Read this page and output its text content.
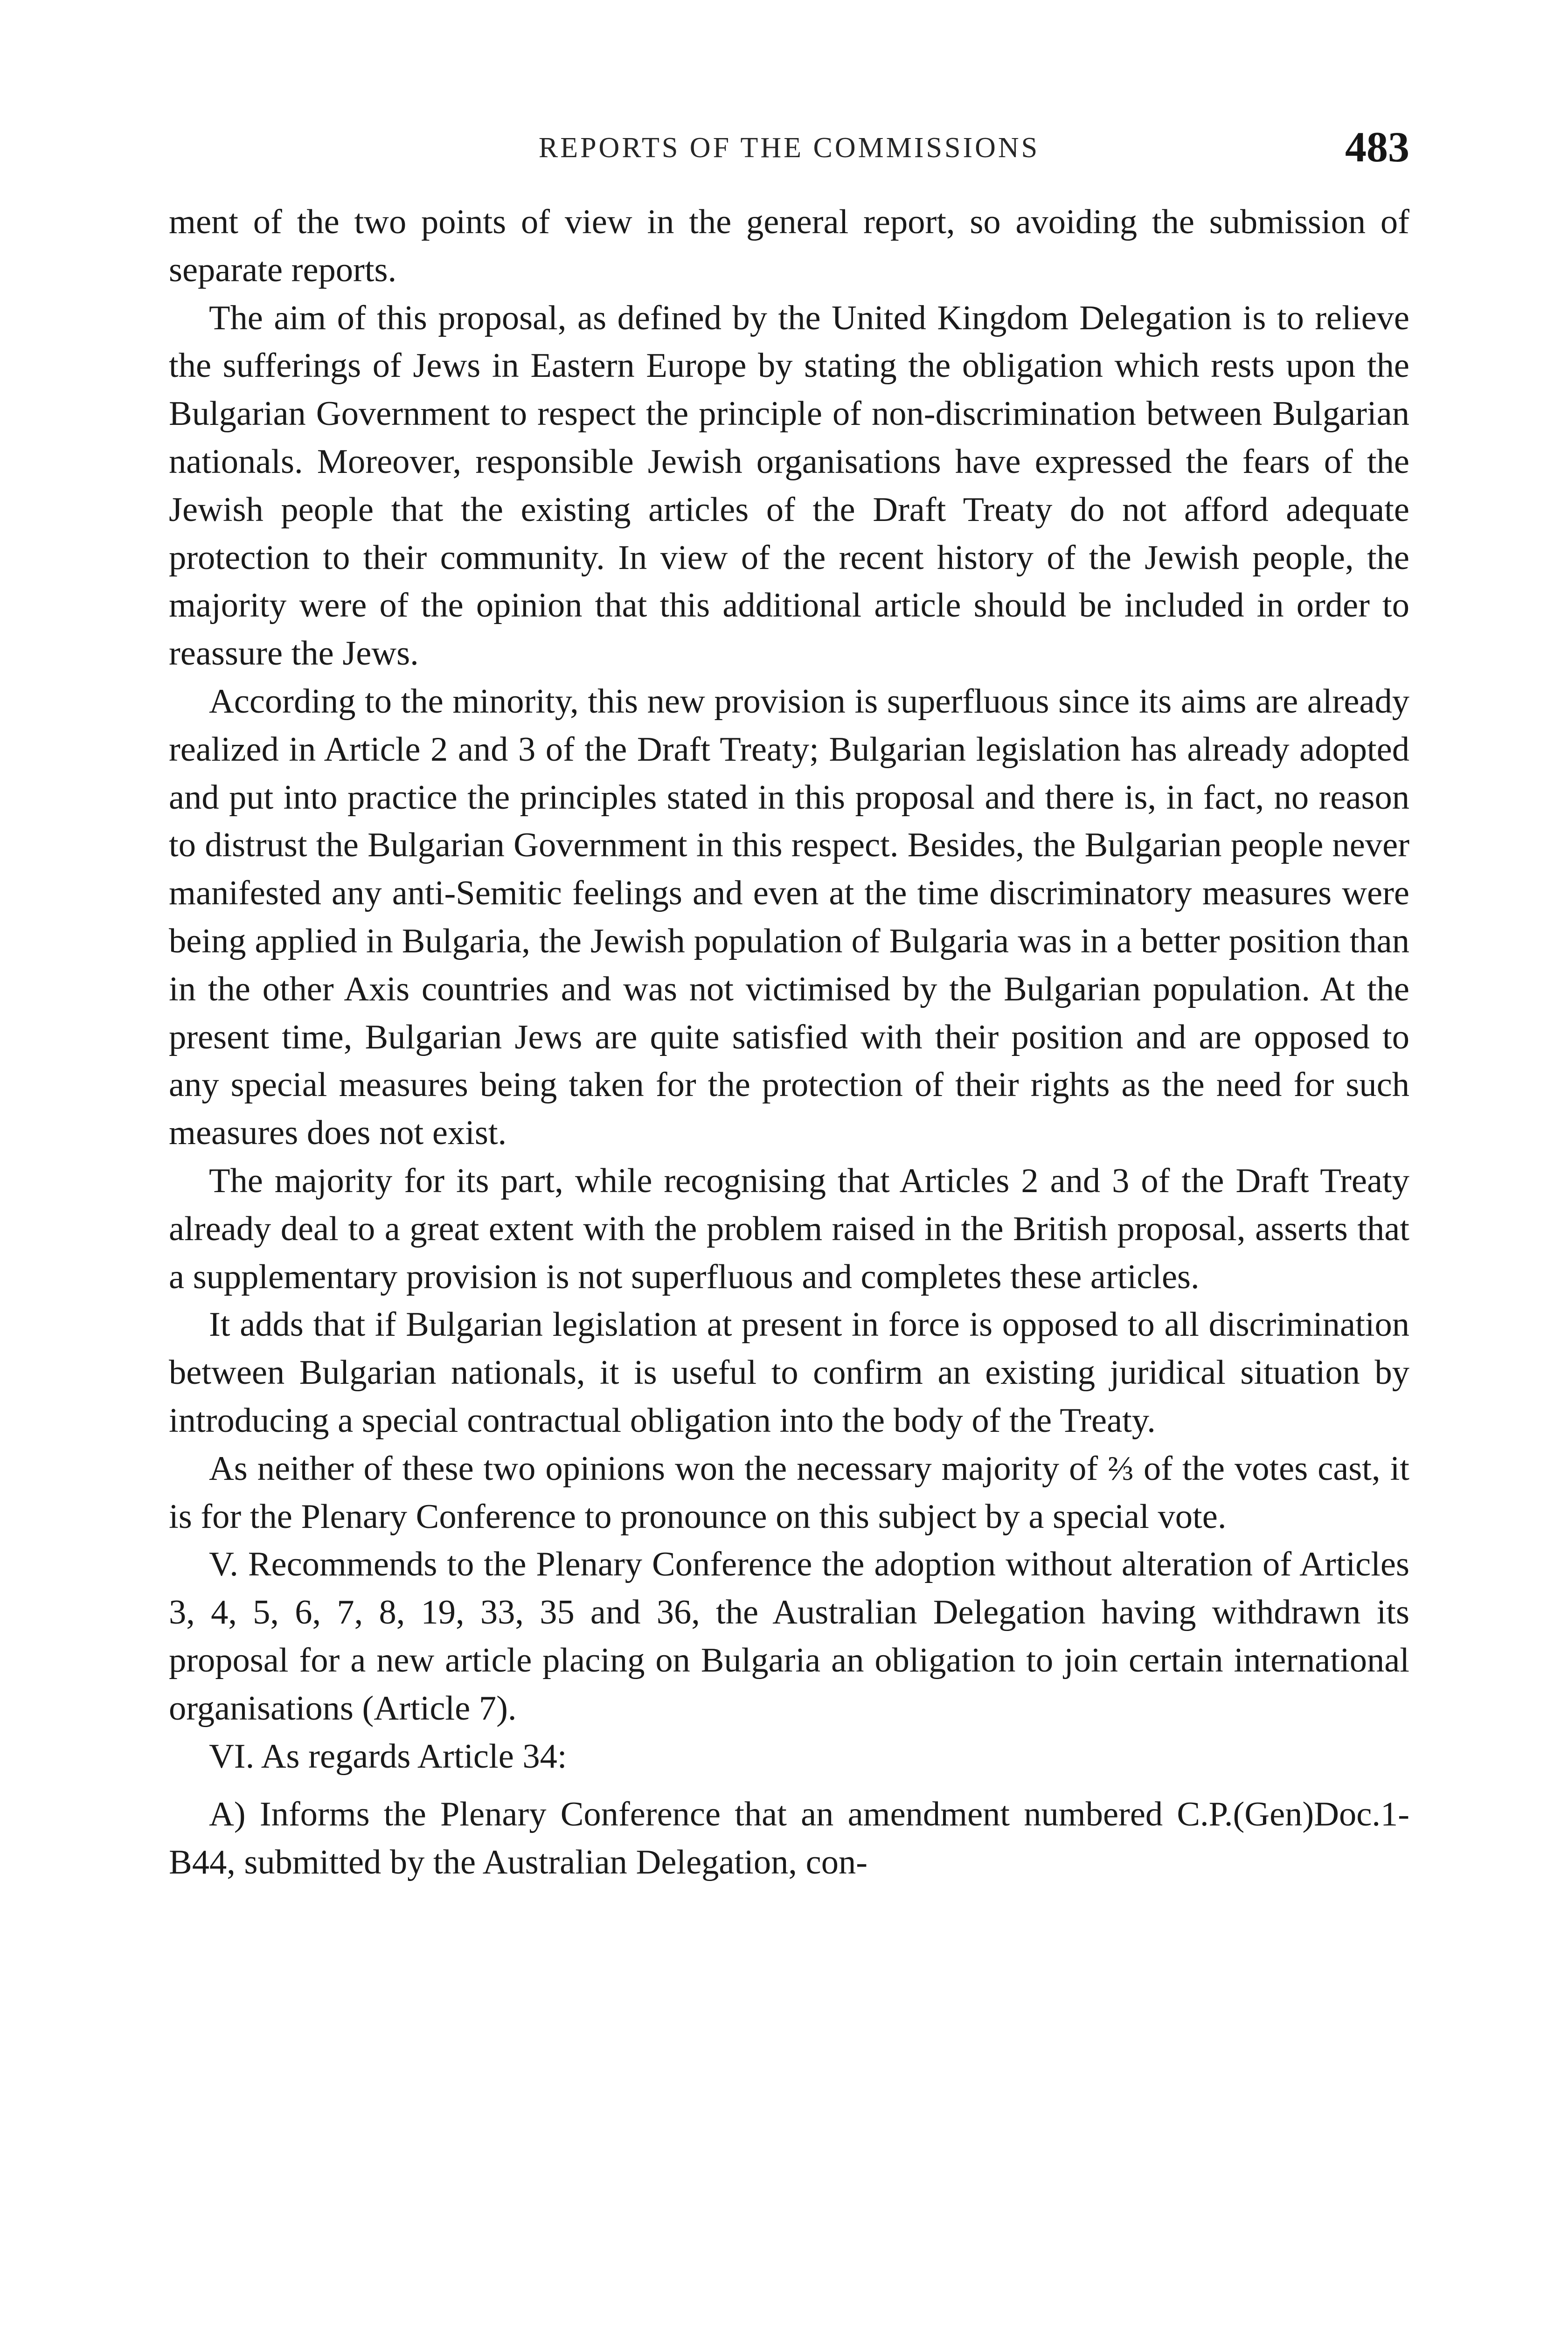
REPORTS OF THE COMMISSIONS	483

ment of the two points of view in the general report, so avoiding the submission of separate reports.

The aim of this proposal, as defined by the United Kingdom Delegation is to relieve the sufferings of Jews in Eastern Europe by stating the obligation which rests upon the Bulgarian Government to respect the principle of non-discrimination between Bulgarian nationals. Moreover, responsible Jewish organisations have expressed the fears of the Jewish people that the existing articles of the Draft Treaty do not afford adequate protection to their community. In view of the recent history of the Jewish people, the majority were of the opinion that this additional article should be included in order to reassure the Jews.

According to the minority, this new provision is superfluous since its aims are already realized in Article 2 and 3 of the Draft Treaty; Bulgarian legislation has already adopted and put into practice the principles stated in this proposal and there is, in fact, no reason to distrust the Bulgarian Government in this respect. Besides, the Bulgarian people never manifested any anti-Semitic feelings and even at the time discriminatory measures were being applied in Bulgaria, the Jewish population of Bulgaria was in a better position than in the other Axis countries and was not victimised by the Bulgarian population. At the present time, Bulgarian Jews are quite satisfied with their position and are opposed to any special measures being taken for the protection of their rights as the need for such measures does not exist.

The majority for its part, while recognising that Articles 2 and 3 of the Draft Treaty already deal to a great extent with the problem raised in the British proposal, asserts that a supplementary provision is not superfluous and completes these articles.

It adds that if Bulgarian legislation at present in force is opposed to all discrimination between Bulgarian nationals, it is useful to confirm an existing juridical situation by introducing a special contractual obligation into the body of the Treaty.

As neither of these two opinions won the necessary majority of ⅔ of the votes cast, it is for the Plenary Conference to pronounce on this subject by a special vote.

V. Recommends to the Plenary Conference the adoption without alteration of Articles 3, 4, 5, 6, 7, 8, 19, 33, 35 and 36, the Australian Delegation having withdrawn its proposal for a new article placing on Bulgaria an obligation to join certain international organisations (Article 7).

VI. As regards Article 34:

A) Informs the Plenary Conference that an amendment numbered C.P.(Gen)Doc.1-B44, submitted by the Australian Delegation, con-
